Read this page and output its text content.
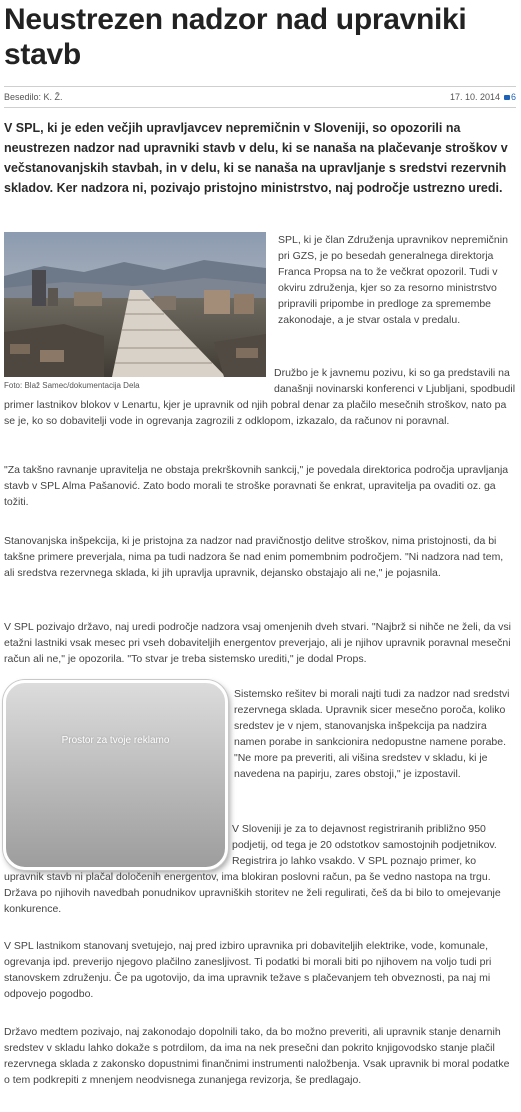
Neustrezen nadzor nad upravniki stavb
Besedilo: K. Ž.	17. 10. 2014	6

V SPL, ki je eden večjih upravljavcev nepremičnin v Sloveniji, so opozorili na neustrezen nadzor nad upravniki stavb v delu, ki se nanaša na plačevanje stroškov v večstanovanjskih stavbah, in v delu, ki se nanaša na upravljanje s sredstvi rezervnih skladov. Ker nadzora ni, pozivajo pristojno ministrstvo, naj področje ustrezno uredi.

Foto: Blaž Samec/dokumentacija Dela

SPL, ki je član Združenja upravnikov nepremičnin pri GZS, je po besedah generalnega direktorja Franca Propsa na to že večkrat opozoril. Tudi v okviru združenja, kjer so za resorno ministrstvo pripravili pripombe in predloge za spremembe zakonodaje, a je stvar ostala v predalu.

Družbo je k javnemu pozivu, ki so ga predstavili na današnji novinarski konferenci v Ljubljani, spodbudil primer lastnikov blokov v Lenartu, kjer je upravnik od njih pobral denar za plačilo mesečnih stroškov, nato pa se je, ko so dobavitelji vode in ogrevanja zagrozili z odklopom, izkazalo, da računov ni poravnal.

"Za takšno ravnanje upravitelja ne obstaja prekrškovnih sankcij," je povedala direktorica področja upravljanja stavb v SPL Alma Pašanović. Zato bodo morali te stroške poravnati še enkrat, upravitelja pa ovaditi oz. ga tožiti.

Stanovanjska inšpekcija, ki je pristojna za nadzor nad pravičnostjo delitve stroškov, nima pristojnosti, da bi takšne primere preverjala, nima pa tudi nadzora še nad enim pomembnim področjem. "Ni nadzora nad tem, ali sredstva rezervnega sklada, ki jih upravlja upravnik, dejansko obstajajo ali ne," je pojasnila.

V SPL pozivajo državo, naj uredi področje nadzora vsaj omenjenih dveh stvari. "Najbrž si nihče ne želi, da vsi etažni lastniki vsak mesec pri vseh dobaviteljih energentov preverjajo, ali je njihov upravnik poravnal mesečni račun ali ne," je opozorila. "To stvar je treba sistemsko urediti," je dodal Props.

Sistemsko rešitev bi morali najti tudi za nadzor nad sredstvi rezervnega sklada. Upravnik sicer mesečno poroča, koliko sredstev je v njem, stanovanjska inšpekcija pa nadzira namen porabe in sankcionira nedopustne namene porabe. "Ne more pa preveriti, ali višina sredstev v skladu, ki je navedena na papirju, zares obstoji," je izpostavil.

V Sloveniji je za to dejavnost registriranih približno 950 podjetij, od tega je 20 odstotkov samostojnih podjetnikov. Registrira jo lahko vsakdo. V SPL poznajo primer, ko upravnik stavb ni plačal določenih energentov, ima blokiran poslovni račun, pa še vedno nastopa na trgu. Država po njihovih navedbah ponudnikov upravniških storitev ne želi regulirati, češ da bi bilo to omejevanje konkurence.

V SPL lastnikom stanovanj svetujejo, naj pred izbiro upravnika pri dobaviteljih elektrike, vode, komunale, ogrevanja ipd. preverijo njegovo plačilno zanesljivost. Ti podatki bi morali biti po njihovem na voljo tudi pri stanovskem združenju. Če pa ugotovijo, da ima upravnik težave s plačevanjem teh obveznosti, pa naj mi odpovejo pogodbo.

Državo medtem pozivajo, naj zakonodajo dopolnili tako, da bo možno preveriti, ali upravnik stanje denarnih sredstev v skladu lahko dokaže s potrdilom, da ima na nek presečni dan pokrito knjigovodsko stanje plačil rezervnega sklada z zakonsko dopustnimi finančnimi instrumenti naložbenja. Vsak upravnik bi moral podatke o tem podkrepiti z mnenjem neodvisnega zunanjega revizorja, še predlagajo.

Prostor za tvoje reklamo
